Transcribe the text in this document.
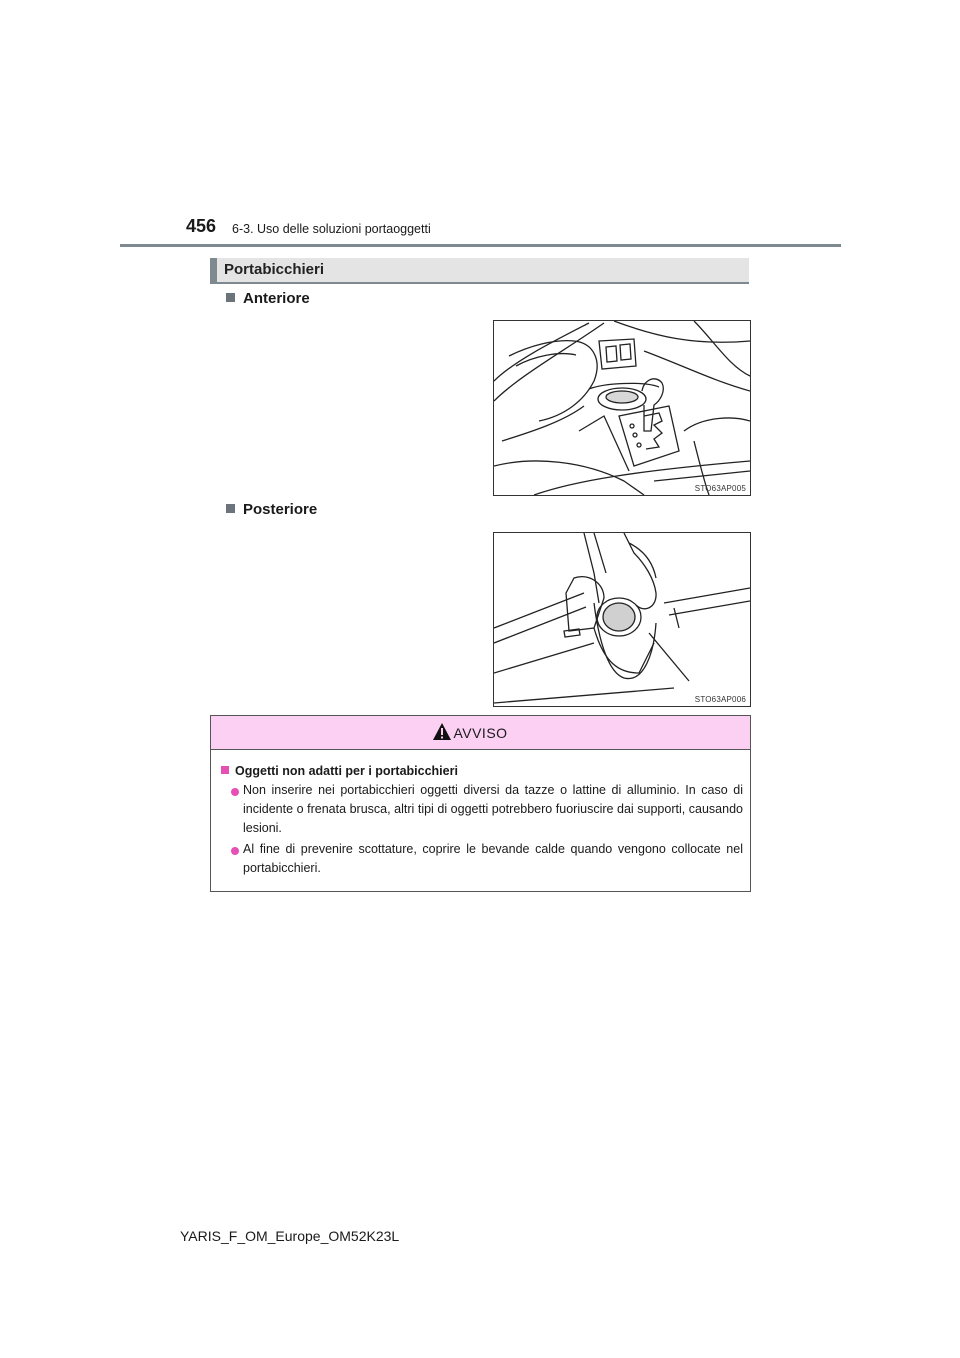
456 6-3. Uso delle soluzioni portaoggetti
Portabicchieri
Anteriore
STO63AP005
Posteriore
STO63AP006
AVVISO
Oggetti non adatti per i portabicchieri
Non inserire nei portabicchieri oggetti diversi da tazze o lattine di alluminio. In caso di incidente o frenata brusca, altri tipi di oggetti potrebbero fuoriuscire dai supporti, causando lesioni.
Al fine di prevenire scottature, coprire le bevande calde quando vengono collocate nel portabicchieri.
YARIS_F_OM_Europe_OM52K23L
